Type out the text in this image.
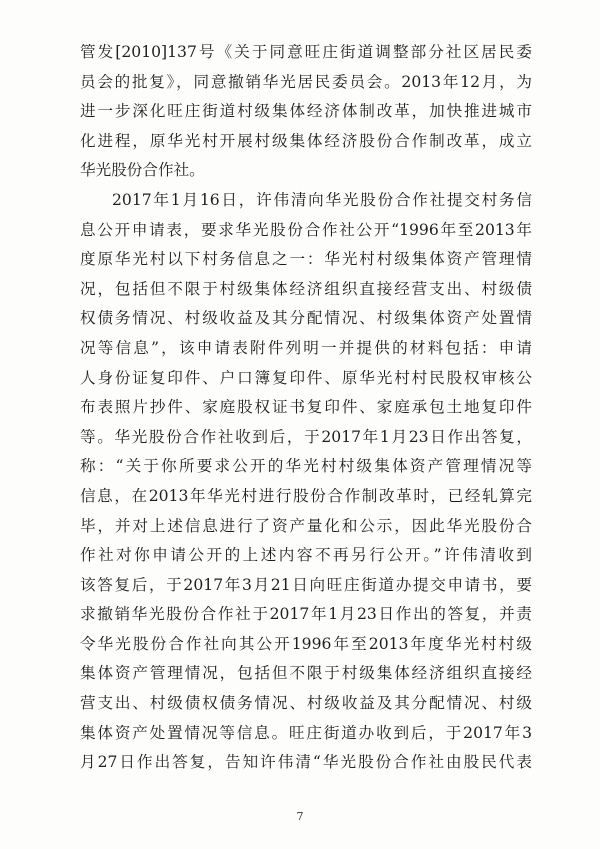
管发[2010]137号《关于同意旺庄街道调整部分社区居民委
员会的批复》，同意撤销华光居民委员会。2013年12月，为
进一步深化旺庄街道村级集体经济体制改革，加快推进城市
化进程，原华光村开展村级集体经济股份合作制改革，成立
华光股份合作社。
2017年1月16日，许伟清向华光股份合作社提交村务信
息公开申请表，要求华光股份合作社公开“1996年至2013年
度原华光村以下村务信息之一：华光村村级集体资产管理情
况，包括但不限于村级集体经济组织直接经营支出、村级债
权债务情况、村级收益及其分配情况、村级集体资产处置情
况等信息”，该申请表附件列明一并提供的材料包括：申请
人身份证复印件、户口簿复印件、原华光村村民股权审核公
布表照片抄件、家庭股权证书复印件、家庭承包土地复印件
等。华光股份合作社收到后，于2017年1月23日作出答复，
称：“关于你所要求公开的华光村村级集体资产管理情况等
信息，在2013年华光村进行股份合作制改革时，已经轧算完
毕，并对上述信息进行了资产量化和公示，因此华光股份合
作社对你申请公开的上述内容不再另行公开。”许伟清收到
该答复后，于2017年3月21日向旺庄街道办提交申请书，要
求撤销华光股份合作社于2017年1月23日作出的答复，并责
令华光股份合作社向其公开1996年至2013年度华光村村级
集体资产管理情况，包括但不限于村级集体经济组织直接经
营支出、村级债权债务情况、村级收益及其分配情况、村级
集体资产处置情况等信息。旺庄街道办收到后，于2017年3
月27日作出答复，告知许伟清“华光股份合作社由股民代表
7
